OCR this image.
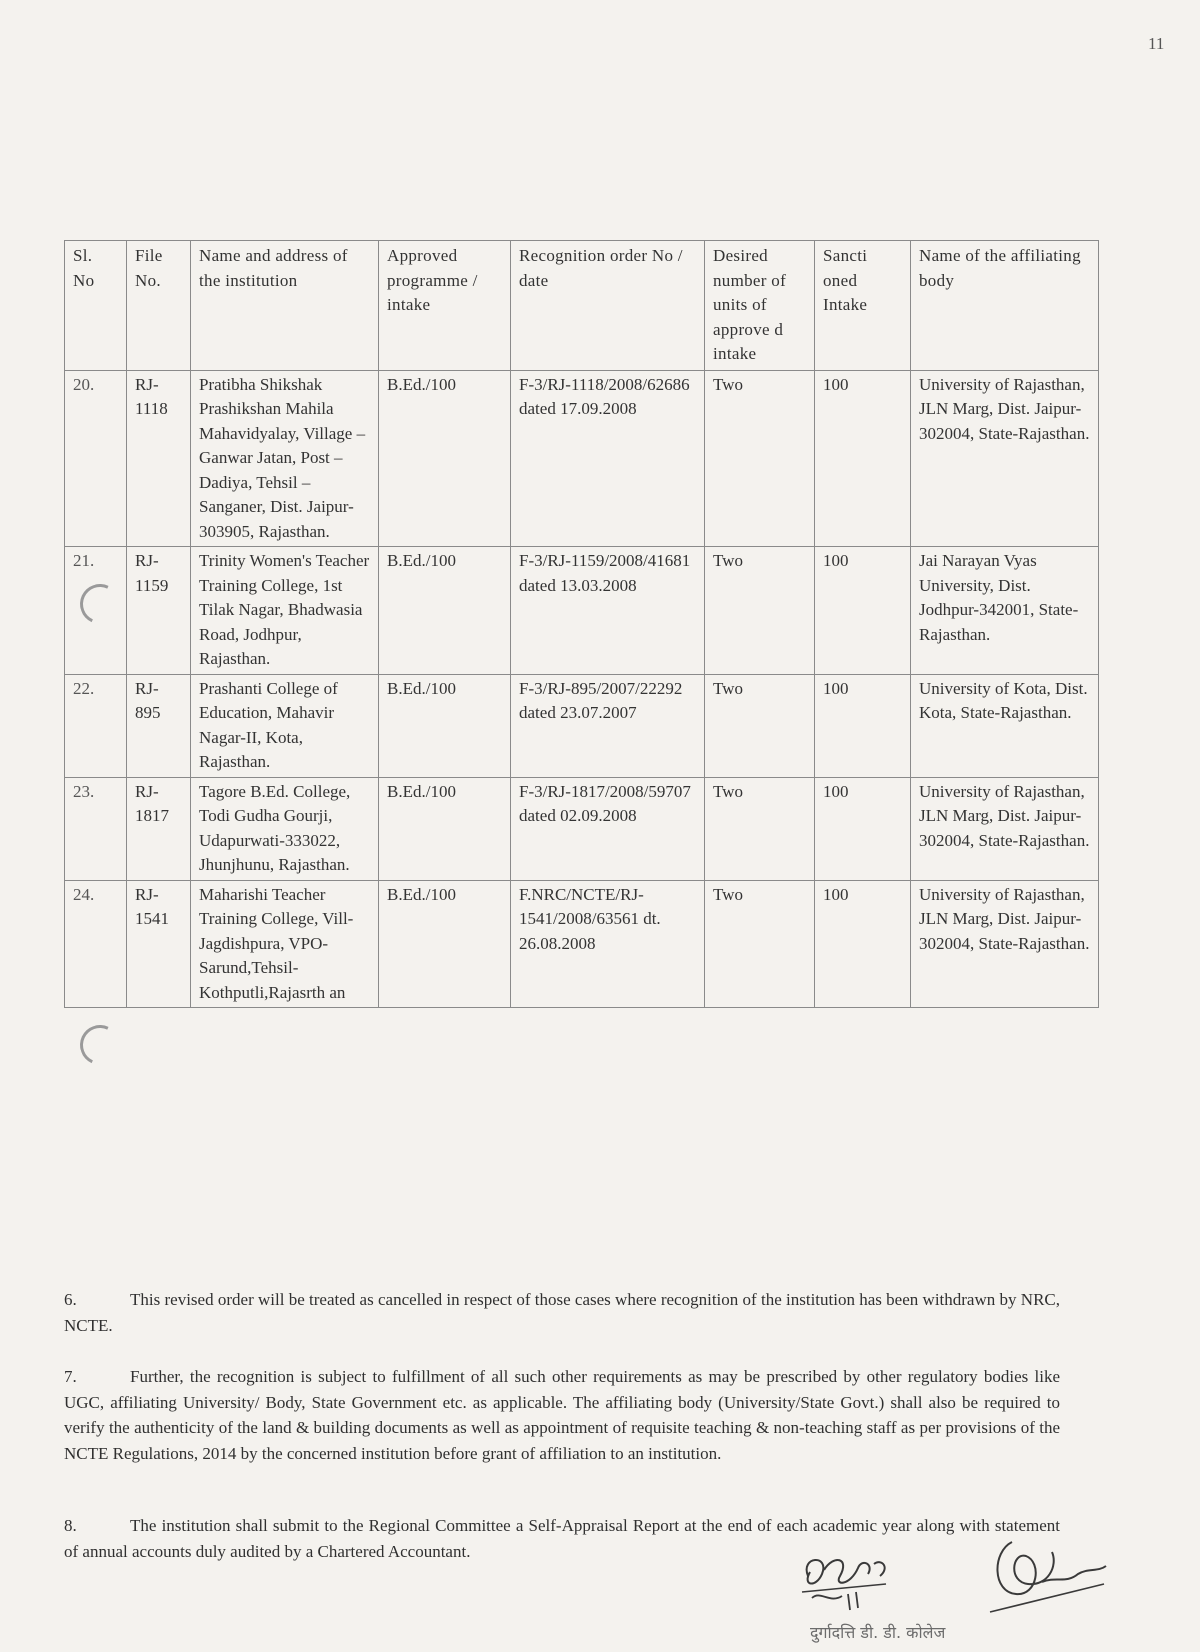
11
Sl. No	File No.	Name and address of the institution	Approved programme / intake	Recognition order No / date	Desired number of units of approve d intake	Sancti oned Intake	Name of the affiliating body
20.	RJ-1118	Pratibha Shikshak Prashikshan Mahila Mahavidyalay, Village – Ganwar Jatan, Post – Dadiya, Tehsil – Sanganer, Dist. Jaipur-303905, Rajasthan.	B.Ed./100	F-3/RJ-1118/2008/62686 dated 17.09.2008	Two	100	University of Rajasthan, JLN Marg, Dist. Jaipur-302004, State-Rajasthan.
21.	RJ-1159	Trinity Women's Teacher Training College, 1st Tilak Nagar, Bhadwasia Road, Jodhpur, Rajasthan.	B.Ed./100	F-3/RJ-1159/2008/41681 dated 13.03.2008	Two	100	Jai Narayan Vyas University, Dist. Jodhpur-342001, State-Rajasthan.
22.	RJ-895	Prashanti College of Education, Mahavir Nagar-II, Kota, Rajasthan.	B.Ed./100	F-3/RJ-895/2007/22292 dated 23.07.2007	Two	100	University of Kota, Dist. Kota, State-Rajasthan.
23.	RJ-1817	Tagore B.Ed. College, Todi Gudha Gourji, Udapurwati-333022, Jhunjhunu, Rajasthan.	B.Ed./100	F-3/RJ-1817/2008/59707 dated 02.09.2008	Two	100	University of Rajasthan, JLN Marg, Dist. Jaipur-302004, State-Rajasthan.
24.	RJ-1541	Maharishi Teacher Training College, Vill- Jagdishpura, VPO-Sarund,Tehsil-Kothputli,Rajasrth an	B.Ed./100	F.NRC/NCTE/RJ-1541/2008/63561 dt. 26.08.2008	Two	100	University of Rajasthan, JLN Marg, Dist. Jaipur-302004, State-Rajasthan.
6.	This revised order will be treated as cancelled in respect of those cases where recognition of the institution has been withdrawn by NRC, NCTE.
7.	Further, the recognition is subject to fulfillment of all such other requirements as may be prescribed by other regulatory bodies like UGC, affiliating University/ Body, State Government etc. as applicable. The affiliating body (University/State Govt.) shall also be required to verify the authenticity of the land & building documents as well as appointment of requisite teaching & non-teaching staff as per provisions of the NCTE Regulations, 2014 by the concerned institution before grant of affiliation to an institution.
8.	The institution shall submit to the Regional Committee a Self-Appraisal Report at the end of each academic year along with statement of annual accounts duly audited by a Chartered Accountant.
दुर्गादत्ति डी. डी. कोलेज
